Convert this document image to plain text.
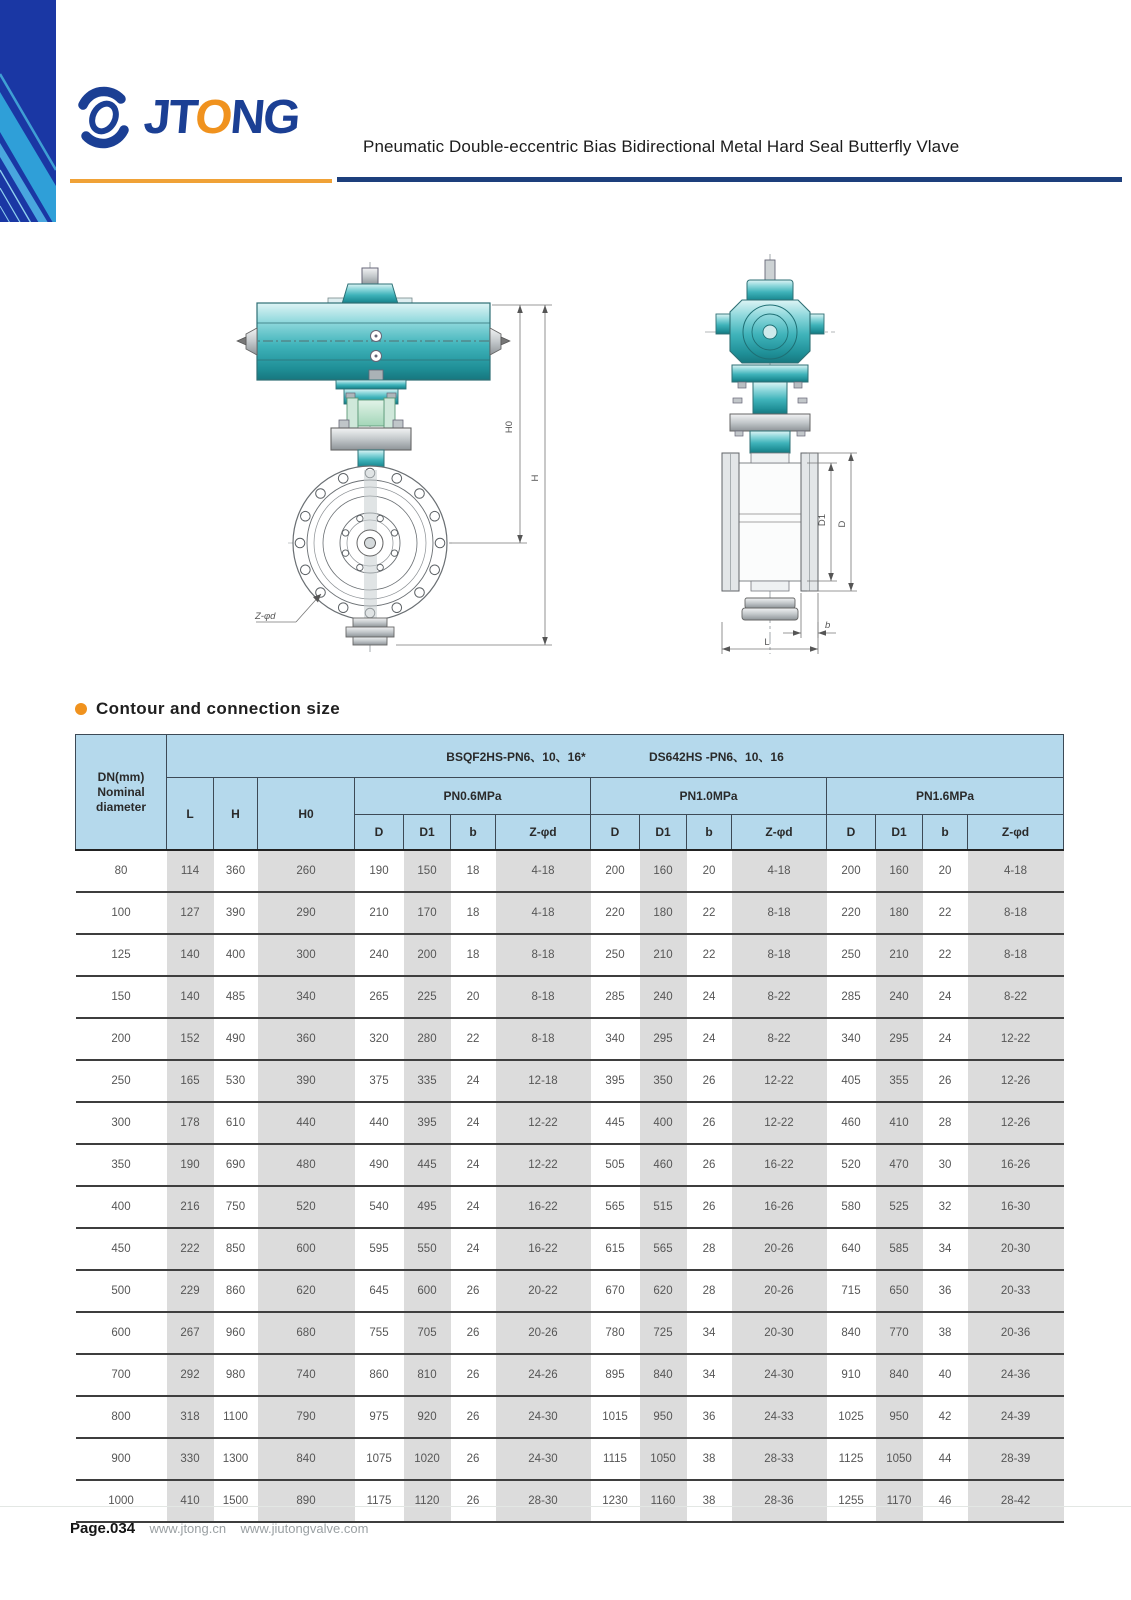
JTONG
Pneumatic Double-eccentric Bias Bidirectional Metal Hard Seal Butterfly Vlave
H0
H
Z-φd
D1 D
b
L
Contour and connection size
DN(mm) Nominal diameter	BSQF2HS-PN6、10、16* DS642HS -PN6、10、16														
	L	H	H0	PN0.6MPa				PN1.0MPa				PN1.6MPa			
				D	D1	b	Z-φd	D	D1	b	Z-φd	D	D1	b	Z-φd
80	114	360	260	190	150	18	4-18	200	160	20	4-18	200	160	20	4-18
100	127	390	290	210	170	18	4-18	220	180	22	8-18	220	180	22	8-18
125	140	400	300	240	200	18	8-18	250	210	22	8-18	250	210	22	8-18
150	140	485	340	265	225	20	8-18	285	240	24	8-22	285	240	24	8-22
200	152	490	360	320	280	22	8-18	340	295	24	8-22	340	295	24	12-22
250	165	530	390	375	335	24	12-18	395	350	26	12-22	405	355	26	12-26
300	178	610	440	440	395	24	12-22	445	400	26	12-22	460	410	28	12-26
350	190	690	480	490	445	24	12-22	505	460	26	16-22	520	470	30	16-26
400	216	750	520	540	495	24	16-22	565	515	26	16-26	580	525	32	16-30
450	222	850	600	595	550	24	16-22	615	565	28	20-26	640	585	34	20-30
500	229	860	620	645	600	26	20-22	670	620	28	20-26	715	650	36	20-33
600	267	960	680	755	705	26	20-26	780	725	34	20-30	840	770	38	20-36
700	292	980	740	860	810	26	24-26	895	840	34	24-30	910	840	40	24-36
800	318	1100	790	975	920	26	24-30	1015	950	36	24-33	1025	950	42	24-39
900	330	1300	840	1075	1020	26	24-30	1115	1050	38	28-33	1125	1050	44	28-39
1000	410	1500	890	1175	1120	26	28-30	1230	1160	38	28-36	1255	1170	46	28-42
Page.034 www.jtong.cn www.jiutongvalve.com
